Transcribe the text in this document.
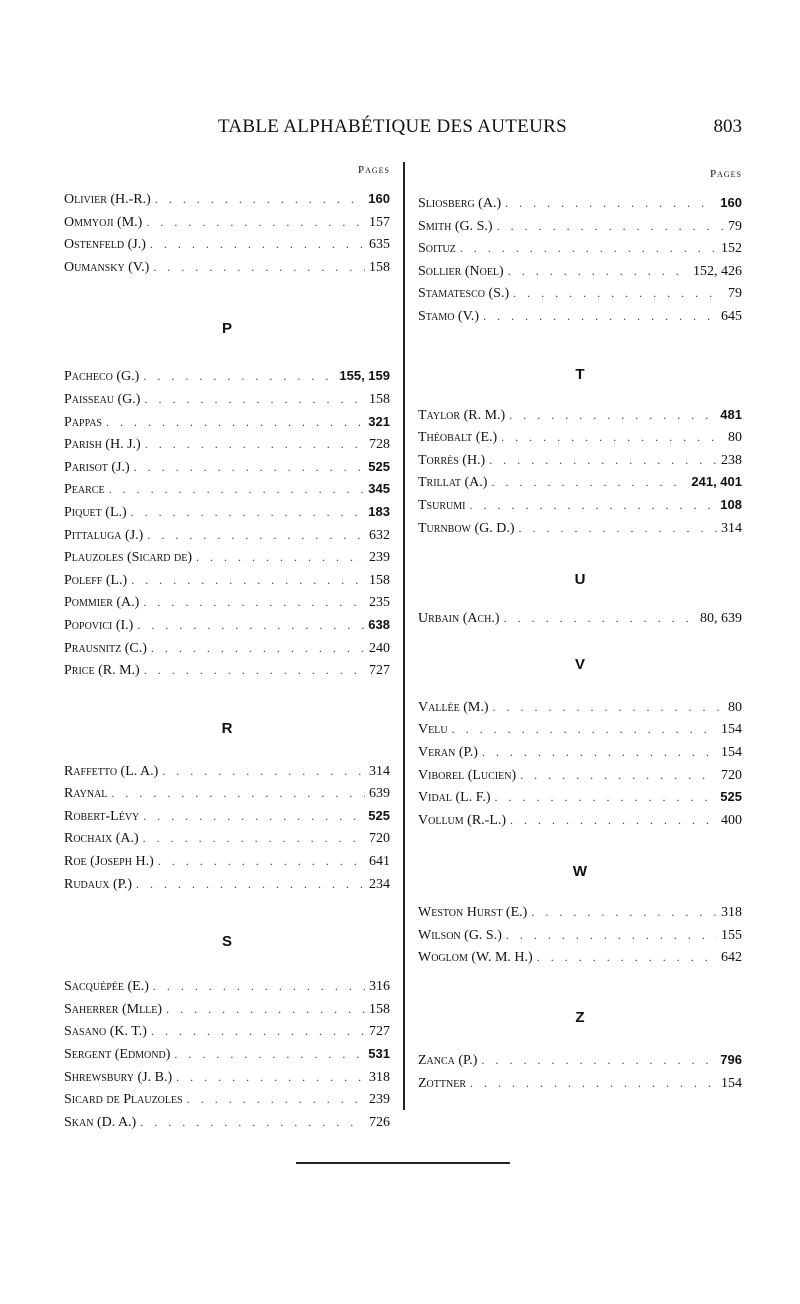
TABLE ALPHABÉTIQUE DES AUTEURS	803
Pages
Olivier (H.-R.) . . .	160
Ommyoji (M.) . . .	157
Ostenfeld (J.) . . .	635
Oumansky (V.) . . .	158
P
Pacheco (G.) . . .	155, 159
Paisseau (G.) . . .	158
Pappas . . .	321
Parish (H. J.) . . .	728
Parisot (J.) . . .	525
Pearce . . .	345
Piquet (L.) . . .	183
Pittaluga (J.) . . .	632
Plauzoles (Sicard de) . . .	239
Poleff (L.) . . .	158
Pommier (A.) . . .	235
Popovici (I.) . . .	638
Prausnitz (C.) . . .	240
Price (R. M.) . . .	727
R
Raffetto (L. A.) . . .	314
Raynal . . .	639
Robert-Lévy . . .	525
Rochaix (A.) . . .	720
Roe (Joseph H.) . . .	641
Rudaux (P.) . . .	234
S
Sacquépée (E.) . . .	316
Saherrer (Mlle) . . .	158
Sasano (K. T.) . . .	727
Sergent (Edmond) . . .	531
Shrewsbury (J. B.) . . .	318
Sicard de Plauzoles . . .	239
Skan (D. A.) . . .	726
Pages
Sliosberg (A.) . . .	160
Smith (G. S.) . . .	79
Soituz . . .	152
Sollier (Noel) . . .	152, 426
Stamatesco (S.) . . .	79
Stamo (V.) . . .	645
T
Taylor (R. M.) . . .	481
Théobalt (E.) . . .	80
Torrès (H.) . . .	238
Trillat (A.) . . .	241, 401
Tsurumi . . .	108
Turnbow (G. D.) . . .	314
U
Urbain (Ach.) . . .	80, 639
V
Vallée (M.) . . .	80
Velu . . .	154
Veran (P.) . . .	154
Viborel (Lucien) . . .	720
Vidal (L. F.) . . .	525
Vollum (R.-L.) . . .	400
W
Weston Hurst (E.) . . .	318
Wilson (G. S.) . . .	155
Woglom (W. M. H.) . . .	642
Z
Zanca (P.) . . .	796
Zottner . . .	154
